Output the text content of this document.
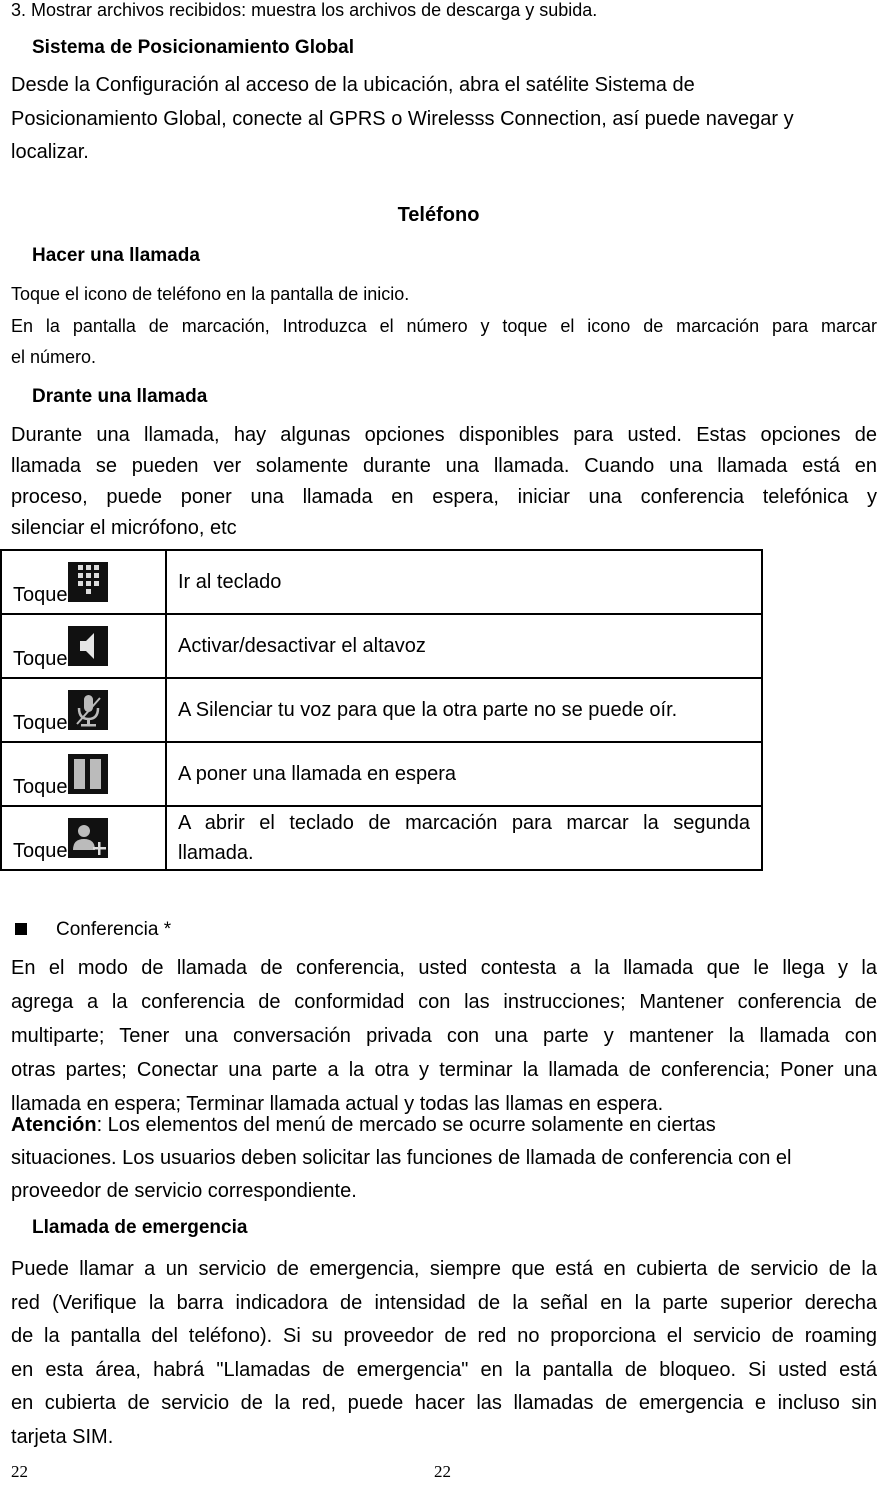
3. Mostrar archivos recibidos: muestra los archivos de descarga y subida.
Sistema de Posicionamiento Global
Desde la Configuración al acceso de la ubicación, abra el satélite Sistema de
Posicionamiento Global, conecte al GPRS o Wirelesss Connection, así puede navegar y
localizar.
Teléfono
Hacer una llamada
Toque el icono de teléfono en la pantalla de inicio.
En la pantalla de marcación, Introduzca el número y toque el icono de marcación para marcar
el número.
Drante una llamada
Durante una llamada, hay algunas opciones disponibles para usted. Estas opciones de
llamada se pueden ver solamente durante una llamada. Cuando una llamada está en
proceso, puede poner una llamada en espera, iniciar una conferencia telefónica y
silenciar el micrófono, etc
Toque	Ir al teclado

Toque	Activar/desactivar el altavoz

Toque	A Silenciar tu voz para que la otra parte no se puede oír.

Toque	A poner una llamada en espera

Toque	A abrir el teclado de marcación para marcar la segunda
llamada.
Conferencia *
En el modo de llamada de conferencia, usted contesta a la llamada que le llega y la
agrega a la conferencia de conformidad con las instrucciones; Mantener conferencia de
multiparte; Tener una conversación privada con una parte y mantener la llamada con
otras partes; Conectar una parte a la otra y terminar la llamada de conferencia; Poner una
llamada en espera; Terminar llamada actual y todas las llamas en espera.
Atención: Los elementos del menú de mercado se ocurre solamente en ciertas
situaciones. Los usuarios deben solicitar las funciones de llamada de conferencia con el
proveedor de servicio correspondiente.
Llamada de emergencia
Puede llamar a un servicio de emergencia, siempre que está en cubierta de servicio de la
red (Verifique la barra indicadora de intensidad de la señal en la parte superior derecha
de la pantalla del teléfono). Si su proveedor de red no proporciona el servicio de roaming
en esta área, habrá "Llamadas de emergencia" en la pantalla de bloqueo. Si usted está
en cubierta de servicio de la red, puede hacer las llamadas de emergencia e incluso sin
tarjeta SIM.
22	22
